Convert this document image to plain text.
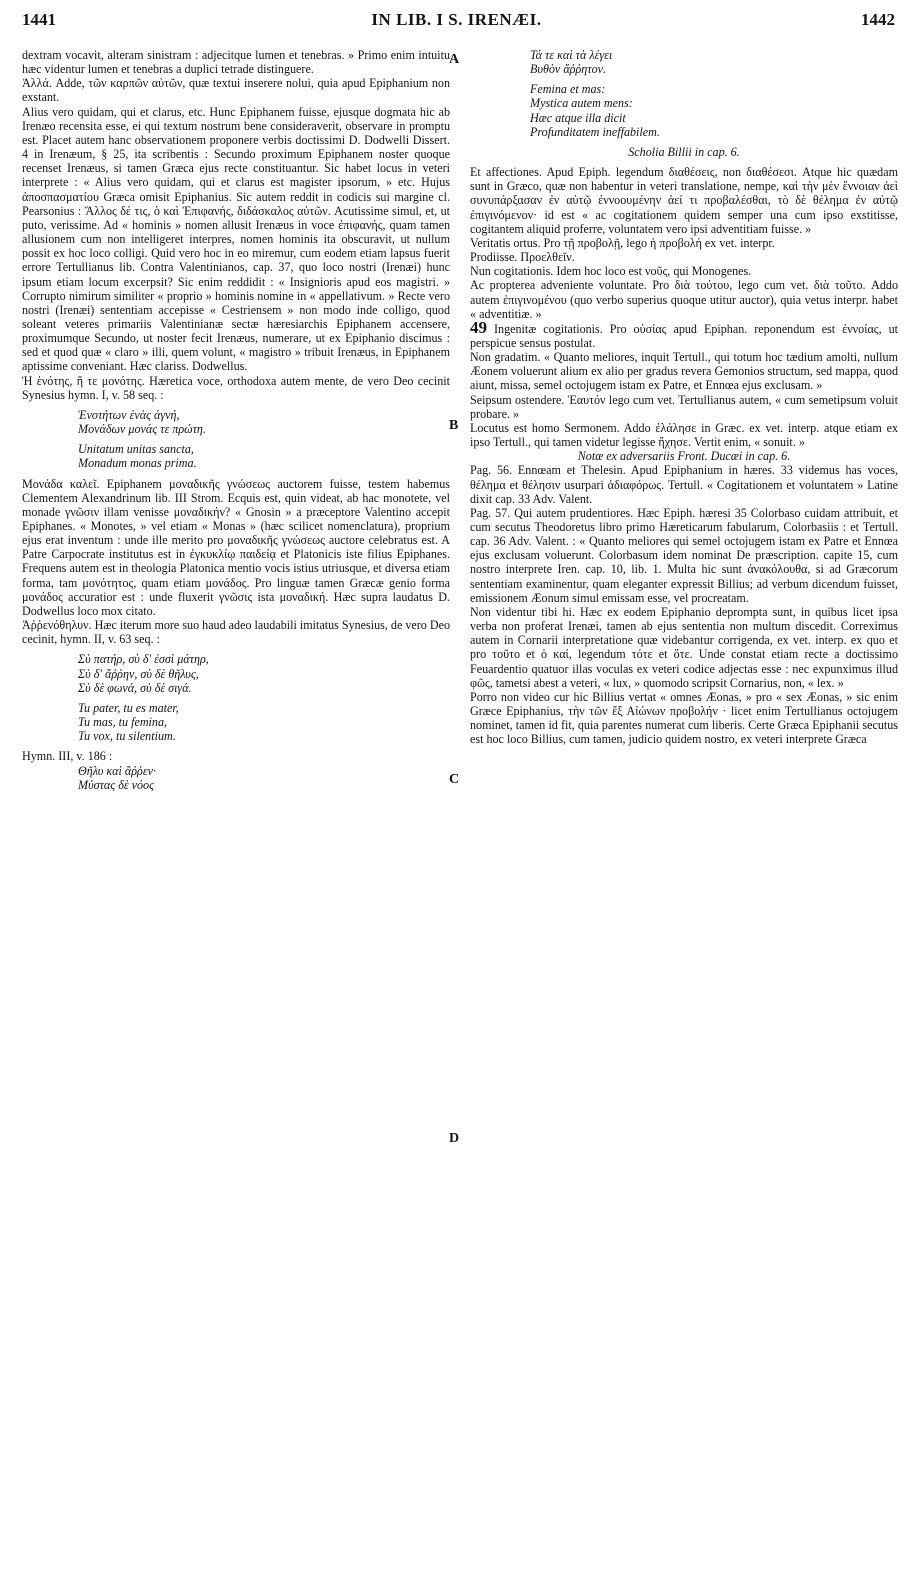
1441	IN LIB. I S. IRENÆI.	1442
A
B
C
D

dextram vocavit, alteram sinistram : adjecitque lumen et tenebras. » Primo enim intuitu hæc videntur lumen et tenebras a duplici tetrade distinguere.

Ἀλλά. Adde, τῶν καρπῶν αὐτῶν, quæ textui inserere nolui, quia apud Epiphanium non exstant.

Alius vero quidam, qui et clarus, etc. Hunc Epiphanem fuisse, ejusque dogmata hic ab Irenæo recensita esse, ei qui textum nostrum bene consideraverit, observare in promptu est. Placet autem hanc observationem proponere verbis doctissimi D. Dodwelli Dissert. 4 in Irenæum, § 25, ita scribentis : Secundo proximum Epiphanem noster quoque recenset Irenæus, si tamen Græca ejus recte constituantur. Sic habet locus in veteri interprete : « Alius vero quidam, qui et clarus est magister ipsorum, » etc. Hujus ἀποσπασματίου Græca omisit Epiphanius. Sic autem reddit in codicis sui margine cl. Pearsonius : Ἄλλος δέ τις, ὁ καὶ Ἐπιφανής, διδάσκαλος αὐτῶν. Acutissime simul, et, ut puto, verissime. Ad « hominis » nomen allusit Irenæus in voce ἐπιφανής, quam tamen allusionem cum non intelligeret interpres, nomen hominis ita obscuravit, ut nullum possit ex hoc loco colligi. Quid vero hoc in eo miremur, cum eodem etiam lapsus fuerit errore Tertullianus lib. Contra Valentinianos, cap. 37, quo loco nostri (Irenæi) hunc ipsum etiam locum excerpsit? Sic enim reddidit : « Insignioris apud eos magistri. » Corrupto nimirum similiter « proprio » hominis nomine in « appellativum. » Recte vero nostri (Irenæi) sententiam accepisse « Cestriensem » non modo inde colligo, quod soleant veteres primariis Valentinianæ sectæ hæresiarchis Epiphanem accensere, proximumque Secundo, ut noster fecit Irenæus, numerare, ut ex Epiphanio discimus : sed et quod quæ « claro » illi, quem volunt, « magistro » tribuit Irenæus, in Epiphanem aptissime conveniant. Hæc clariss. Dodwellus.

Ἡ ἑνότης, ἥ τε μονότης. Hæretica voce, orthodoxa autem mente, de vero Deo cecinit Synesius hymn. I, v. 58 seq. :

Ἑνοτήτων ἑνὰς ἁγνή,

Μονάδων μονάς τε πρώτη.

Unitatum unitas sancta,

Monadum monas prima.

Μονάδα καλεῖ. Epiphanem μοναδικῆς γνώσεως auctorem fuisse, testem habemus Clementem Alexandrinum lib. III Strom. Ecquis est, quin videat, ab hac monotete, vel monade γνῶσιν illam venisse μοναδικήν? « Gnosin » a præceptore Valentino accepit Epiphanes. « Monotes, » vel etiam « Monas » (hæc scilicet nomenclatura), proprium ejus erat inventum : unde ille merito pro μοναδικῆς γνώσεως auctore celebratus est. A Patre Carpocrate institutus est in ἐγκυκλίῳ παιδείᾳ et Platonicis iste filius Epiphanes. Frequens autem est in theologia Platonica mentio vocis istius utriusque, et diversa etiam forma, tam μονότητος, quam etiam μονάδος. Pro linguæ tamen Græcæ genio forma μονάδος accuratior est : unde fluxerit γνῶσις ista μοναδική. Hæc supra laudatus D. Dodwellus loco mox citato.

Ἀῤῥενόθηλυν. Hæc iterum more suo haud adeo laudabili imitatus Synesius, de vero Deo cecinit, hymn. II, v. 63 seq. :

Σὺ πατήρ, σὺ δ' ἐσσὶ μάτηρ,

Σὺ δ' ἄῤῥην, σὺ δὲ θῆλυς,

Σὺ δὲ φωνά, σὺ δὲ σιγά.

Tu pater, tu es mater,

Tu mas, tu femina,

Tu vox, tu silentium.

Hymn. III, v. 186 :

Θῆλυ καὶ ἄῤῥεν·

Μύστας δὲ νόος

Τά τε καὶ τὰ λέγει

Βυθὸν ἄῤῥητον.

Femina et mas:

Mystica autem mens:

Hæc atque illa dicit

Profunditatem ineffabilem.

Scholia Billii in cap. 6.

Et affectiones. Apud Epiph. legendum διαθέσεις, non διαθέσεσι. Atque hic quædam sunt in Græco, quæ non habentur in veteri translatione, nempe, καὶ τὴν μὲν ἔννοιαν ἀεὶ συνυπάρξασαν ἐν αὐτῷ ἐννοουμένην ἀεί τι προβαλέσθαι, τὸ δὲ θέλημα ἐν αὐτῷ ἐπιγινόμενον· id est « ac cogitationem quidem semper una cum ipso exstitisse, cogitantem aliquid proferre, voluntatem vero ipsi adventitiam fuisse. »

Veritatis ortus. Pro τῇ προβολῇ, lego ἡ προβολή ex vet. interpr.

Prodiisse. Προελθεῖν.

Nun cogitationis. Idem hoc loco est νοῦς, qui Monogenes.

Ac propterea adveniente voluntate. Pro διὰ τούτου, lego cum vet. διὰ τοῦτο. Addo autem ἐπιγινομένου (quo verbo superius quoque utitur auctor), quia vetus interpr. habet « adventitiæ. »

49 Ingenitæ cogitationis. Pro οὐσίας apud Epiphan. reponendum est ἐννοίας, ut perspicue sensus postulat.

Non gradatim. « Quanto meliores, inquit Tertull., qui totum hoc tædium amolti, nullum Æonem voluerunt alium ex alio per gradus revera Gemonios structum, sed mappa, quod aiunt, missa, semel octojugem istam ex Patre, et Ennœa ejus exclusam. »

Seipsum ostendere. Ἑαυτόν lego cum vet. Tertullianus autem, « cum semetipsum voluit probare. »

Locutus est homo Sermonem. Addo ἐλάλησε in Græc. ex vet. interp. atque etiam ex ipso Tertull., qui tamen videtur legisse ἤχησε. Vertit enim, « sonuit. »

Notæ ex adversariis Front. Ducæi in cap. 6.

Pag. 56. Ennœam et Thelesin. Apud Epiphanium in hæres. 33 videmus has voces, θέλημα et θέλησιν usurpari ἀδιαφόρως. Tertull. « Cogitationem et voluntatem » Latine dixit cap. 33 Adv. Valent.

Pag. 57. Qui autem prudentiores. Hæc Epiph. hæresi 35 Colorbaso cuidam attribuit, et cum secutus Theodoretus libro primo Hæreticarum fabularum, Colorbasiis : et Tertull. cap. 36 Adv. Valent. : « Quanto meliores qui semel octojugem istam ex Patre et Ennœa ejus exclusam voluerunt. Colorbasum idem nominat De præscription. capite 15, cum nostro interprete Iren. cap. 10, lib. 1. Multa hic sunt ἀνακόλουθα, si ad Græcorum sententiam examinentur, quam eleganter expressit Billius; ad verbum dicendum fuisset, emissionem Æonum simul emissam esse, vel procreatam.

Non videntur tibi hi. Hæc ex eodem Epiphanio deprompta sunt, in quibus licet ipsa verba non proferat Irenæi, tamen ab ejus sententia non multum discedit. Correximus autem in Cornarii interpretatione quæ videbantur corrigenda, ex vet. interp. ex quo et pro τοῦτο et ὁ καί, legendum τότε et ὅτε. Unde constat etiam recte a doctissimo Feuardentio quatuor illas voculas ex veteri codice adjectas esse : nec expunximus illud φῶς, tametsi abest a veteri, « lux, » quomodo scripsit Cornarius, non, « lex. »

Porro non video cur hic Billius vertat « omnes Æonas, » pro « sex Æonas, » sic enim Græce Epiphanius, τὴν τῶν ἕξ Αἰώνων προβολήν · licet enim Tertullianus octojugem nominet, tamen id fit, quia parentes numerat cum liberis. Certe Græca Epiphanii secutus est hoc loco Billius, cum tamen, judicio quidem nostro, ex veteri interprete Græca
